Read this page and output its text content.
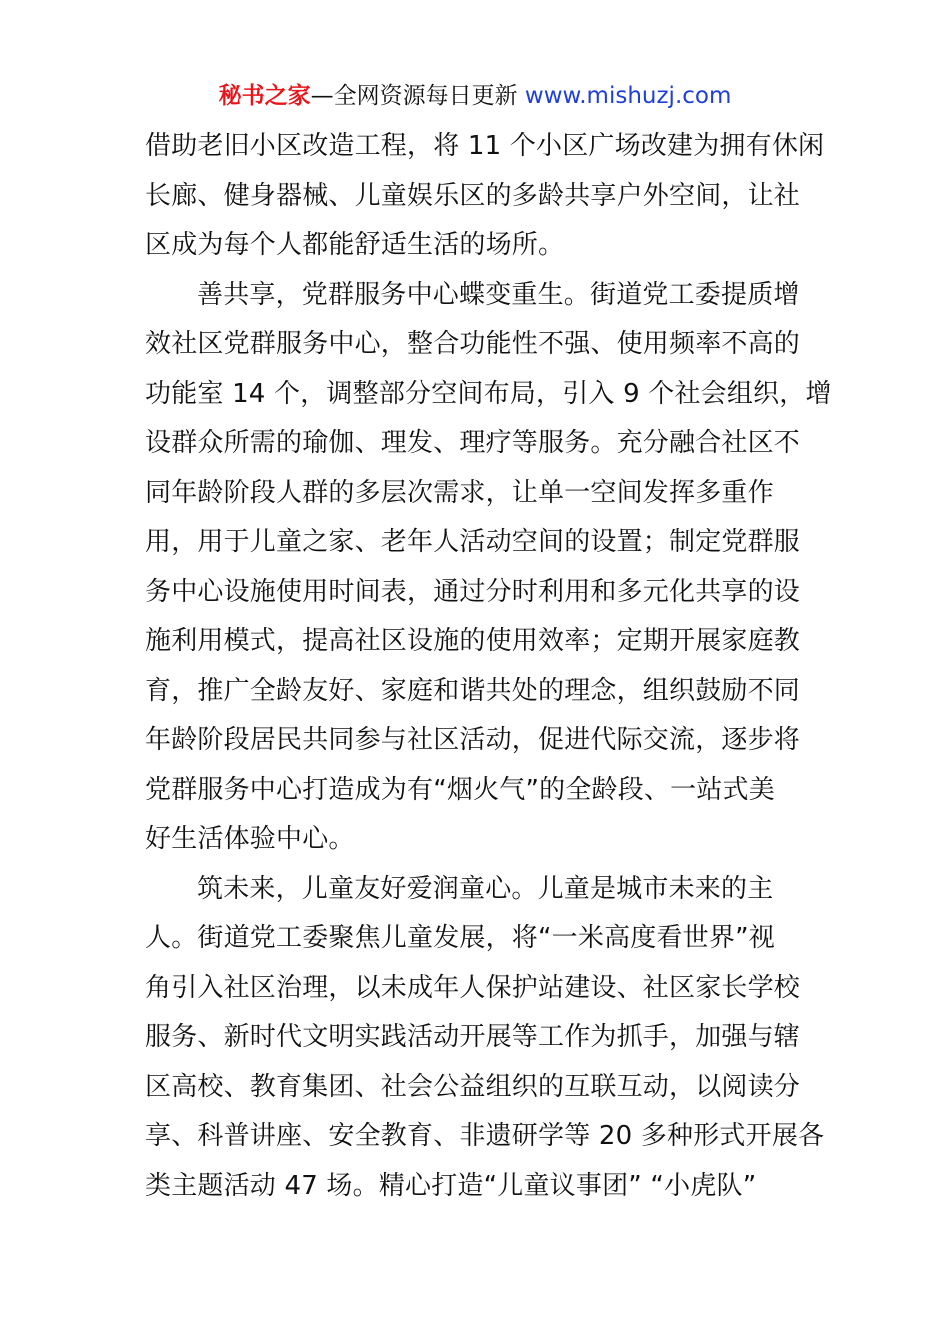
秘书之家—全网资源每日更新 www.mishuzj.com
借助老旧小区改造工程，将 11 个小区广场改建为拥有休闲
长廊、健身器械、儿童娱乐区的多龄共享户外空间，让社
区成为每个人都能舒适生活的场所。
善共享，党群服务中心蝶变重生。街道党工委提质增
效社区党群服务中心，整合功能性不强、使用频率不高的
功能室 14 个，调整部分空间布局，引入 9 个社会组织，增
设群众所需的瑜伽、理发、理疗等服务。充分融合社区不
同年龄阶段人群的多层次需求，让单一空间发挥多重作
用，用于儿童之家、老年人活动空间的设置；制定党群服
务中心设施使用时间表，通过分时利用和多元化共享的设
施利用模式，提高社区设施的使用效率；定期开展家庭教
育，推广全龄友好、家庭和谐共处的理念，组织鼓励不同
年龄阶段居民共同参与社区活动，促进代际交流，逐步将
党群服务中心打造成为有“烟火气”的全龄段、一站式美
好生活体验中心。
筑未来，儿童友好爱润童心。儿童是城市未来的主
人。街道党工委聚焦儿童发展，将“一米高度看世界”视
角引入社区治理，以未成年人保护站建设、社区家长学校
服务、新时代文明实践活动开展等工作为抓手，加强与辖
区高校、教育集团、社会公益组织的互联互动，以阅读分
享、科普讲座、安全教育、非遗研学等 20 多种形式开展各
类主题活动 47 场。精心打造“儿童议事团” “小虎队”
